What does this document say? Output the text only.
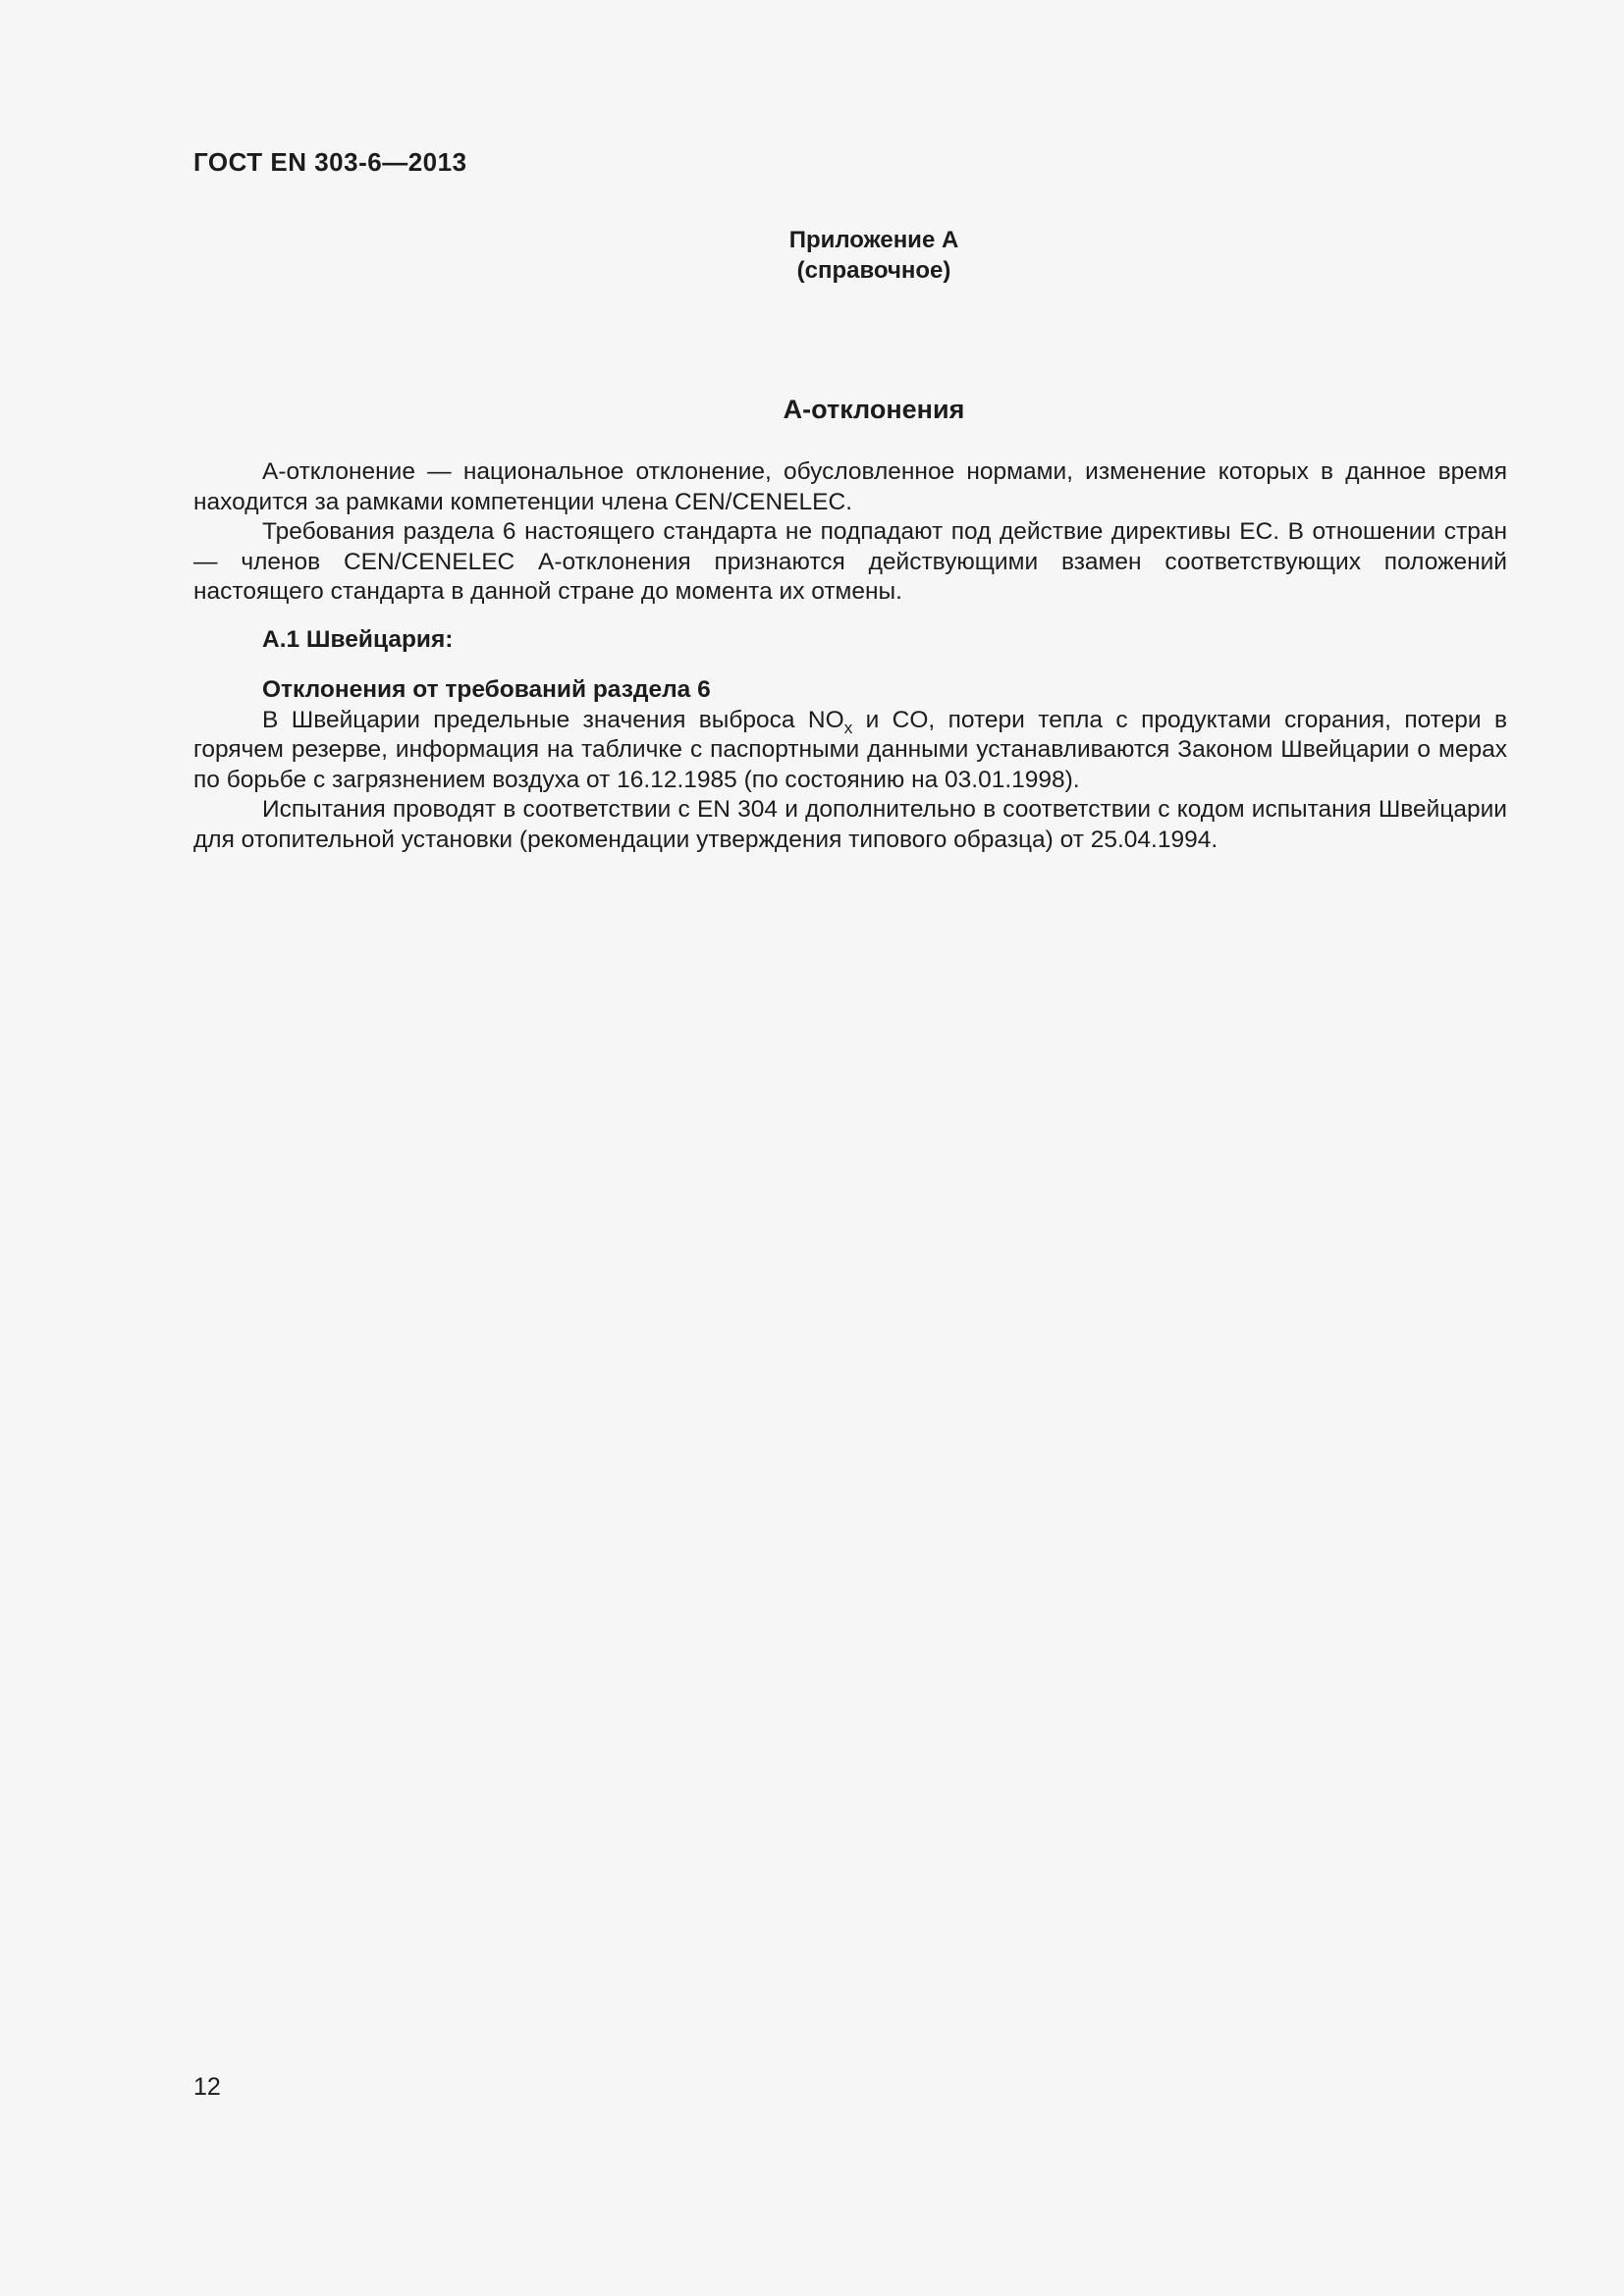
ГОСТ EN 303-6—2013
Приложение А
(справочное)
А-отклонения

А-отклонение — национальное отклонение, обусловленное нормами, изменение которых в данное время находится за рамками компетенции члена CEN/CENELEC.

Требования раздела 6 настоящего стандарта не подпадают под действие директивы ЕС. В отношении стран — членов CEN/CENELEC А-отклонения признаются действующими взамен соответствующих положений настоящего стандарта в данной стране до момента их отмены.

А.1 Швейцария:

Отклонения от требований раздела 6

В Швейцарии предельные значения выброса $NO_x$ и CO, потери тепла с продуктами сгорания, потери в горячем резерве, информация на табличке с паспортными данными устанавливаются Законом Швейцарии о мерах по борьбе с загрязнением воздуха от 16.12.1985 (по состоянию на 03.01.1998).

Испытания проводят в соответствии с EN 304 и дополнительно в соответствии с кодом испытания Швейцарии для отопительной установки (рекомендации утверждения типового образца) от 25.04.1994.

12
